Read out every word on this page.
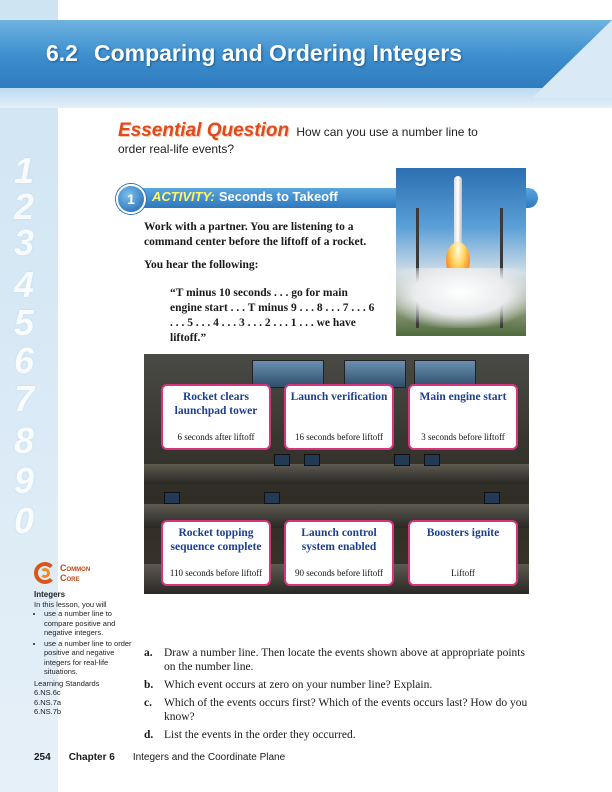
1
2
3
4
5
6
7
8
9
0
6.2 Comparing and Ordering Integers
Essential Question How can you use a number line to order real-life events?
1	ACTIVITY: Seconds to Takeoff

Work with a partner. You are listening to a command center before the liftoff of a rocket.

You hear the following:

“T minus 10 seconds . . . go for main engine start . . . T minus 9 . . . 8 . . . 7 . . . 6 . . . 5 . . . 4 . . . 3 . . . 2 . . . 1 . . . we have liftoff.”
Rocket clears launchpad tower
6 seconds after liftoff
Launch verification
16 seconds before liftoff
Main engine start
3 seconds before liftoff
Rocket topping sequence complete
110 seconds before liftoff
Launch control system enabled
90 seconds before liftoff
Boosters ignite
Liftoff
Common
Core
Integers
In this lesson, you will
• use a number line to compare positive and negative integers.
• use a number line to order positive and negative integers for real-life situations.
Learning Standards
6.NS.6c
6.NS.7a
6.NS.7b
a. Draw a number line. Then locate the events shown above at appropriate points on the number line.
b. Which event occurs at zero on your number line? Explain.
c. Which of the events occurs first? Which of the events occurs last? How do you know?
d. List the events in the order they occurred.
254 Chapter 6 Integers and the Coordinate Plane
